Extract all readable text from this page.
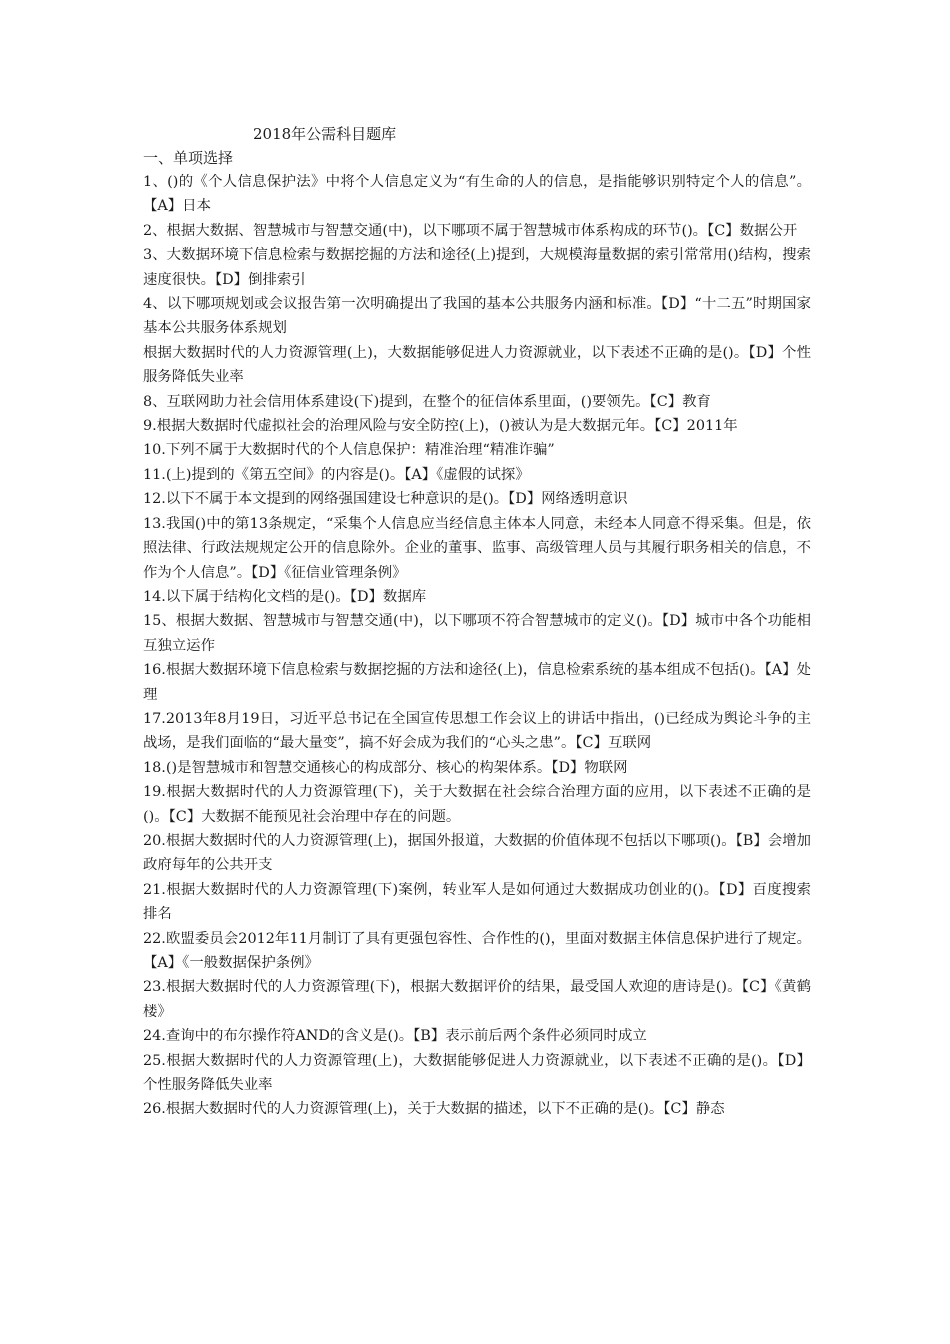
2018年公需科目题库
一、单项选择

1、()的《个人信息保护法》中将个人信息定义为“有生命的人的信息，是指能够识别特定个人的信息”。【A】日本

2、根据大数据、智慧城市与智慧交通(中)，以下哪项不属于智慧城市体系构成的环节()。【C】数据公开

3、大数据环境下信息检索与数据挖掘的方法和途径(上)提到，大规模海量数据的索引常常用()结构，搜索速度很快。【D】倒排索引

4、以下哪项规划或会议报告第一次明确提出了我国的基本公共服务内涵和标准。【D】“十二五”时期国家基本公共服务体系规划

根据大数据时代的人力资源管理(上)，大数据能够促进人力资源就业，以下表述不正确的是()。【D】个性服务降低失业率

8、互联网助力社会信用体系建设(下)提到，在整个的征信体系里面，()要领先。【C】教育

9.根据大数据时代虚拟社会的治理风险与安全防控(上)，()被认为是大数据元年。【C】2011年

10.下列不属于大数据时代的个人信息保护：精准治理“精准诈骗”

11.(上)提到的《第五空间》的内容是()。【A】《虚假的试探》

12.以下不属于本文提到的网络强国建设七种意识的是()。【D】网络透明意识

13.我国()中的第13条规定，“采集个人信息应当经信息主体本人同意，未经本人同意不得采集。但是，依照法律、行政法规规定公开的信息除外。企业的董事、监事、高级管理人员与其履行职务相关的信息，不作为个人信息”。【D】《征信业管理条例》

14.以下属于结构化文档的是()。【D】数据库

15、根据大数据、智慧城市与智慧交通(中)，以下哪项不符合智慧城市的定义()。【D】城市中各个功能相互独立运作

16.根据大数据环境下信息检索与数据挖掘的方法和途径(上)，信息检索系统的基本组成不包括()。【A】处理

17.2013年8月19日，习近平总书记在全国宣传思想工作会议上的讲话中指出，()已经成为舆论斗争的主战场，是我们面临的“最大量变”，搞不好会成为我们的“心头之患”。【C】互联网

18.()是智慧城市和智慧交通核心的构成部分、核心的构架体系。【D】物联网

19.根据大数据时代的人力资源管理(下)，关于大数据在社会综合治理方面的应用，以下表述不正确的是()。【C】大数据不能预见社会治理中存在的问题。

20.根据大数据时代的人力资源管理(上)，据国外报道，大数据的价值体现不包括以下哪项()。【B】会增加政府每年的公共开支

21.根据大数据时代的人力资源管理(下)案例，转业军人是如何通过大数据成功创业的()。【D】百度搜索排名

22.欧盟委员会2012年11月制订了具有更强包容性、合作性的()，里面对数据主体信息保护进行了规定。【A】《一般数据保护条例》

23.根据大数据时代的人力资源管理(下)，根据大数据评价的结果，最受国人欢迎的唐诗是()。【C】《黄鹤楼》

24.查询中的布尔操作符AND的含义是()。【B】表示前后两个条件必须同时成立

25.根据大数据时代的人力资源管理(上)，大数据能够促进人力资源就业，以下表述不正确的是()。【D】个性服务降低失业率

26.根据大数据时代的人力资源管理(上)，关于大数据的描述，以下不正确的是()。【C】静态
